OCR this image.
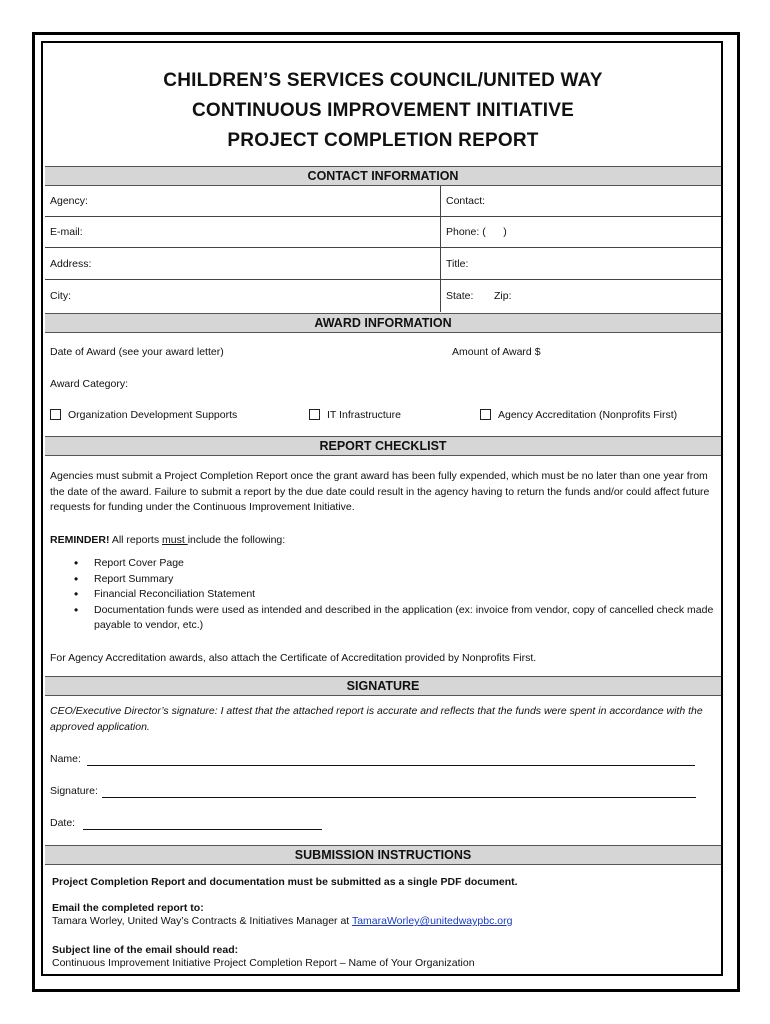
CHILDREN’S SERVICES COUNCIL/UNITED WAY
CONTINUOUS IMPROVEMENT INITIATIVE
PROJECT COMPLETION REPORT
CONTACT INFORMATION
Agency:	Contact:
E-mail:	Phone: (      )
Address:	Title:
City:	State:	Zip:
AWARD INFORMATION
Date of Award (see your award letter)	Amount of Award $
Award Category:
Organization Development Supports	IT Infrastructure	Agency Accreditation (Nonprofits First)
REPORT CHECKLIST
Agencies must submit a Project Completion Report once the grant award has been fully expended, which must be no later than one year from the date of the award. Failure to submit a report by the due date could result in the agency having to return the funds and/or could affect future requests for funding under the Continuous Improvement Initiative.
REMINDER! All reports must include the following:
• Report Cover Page
• Report Summary
• Financial Reconciliation Statement
• Documentation funds were used as intended and described in the application (ex: invoice from vendor, copy of cancelled check made payable to vendor, etc.)
For Agency Accreditation awards, also attach the Certificate of Accreditation provided by Nonprofits First.
SIGNATURE
CEO/Executive Director’s signature: I attest that the attached report is accurate and reflects that the funds were spent in accordance with the approved application.
Name:
Signature:
Date:
SUBMISSION INSTRUCTIONS
Project Completion Report and documentation must be submitted as a single PDF document.
Email the completed report to:
Tamara Worley, United Way’s Contracts & Initiatives Manager at TamaraWorley@unitedwaypbc.org
Subject line of the email should read:
Continuous Improvement Initiative Project Completion Report – Name of Your Organization
